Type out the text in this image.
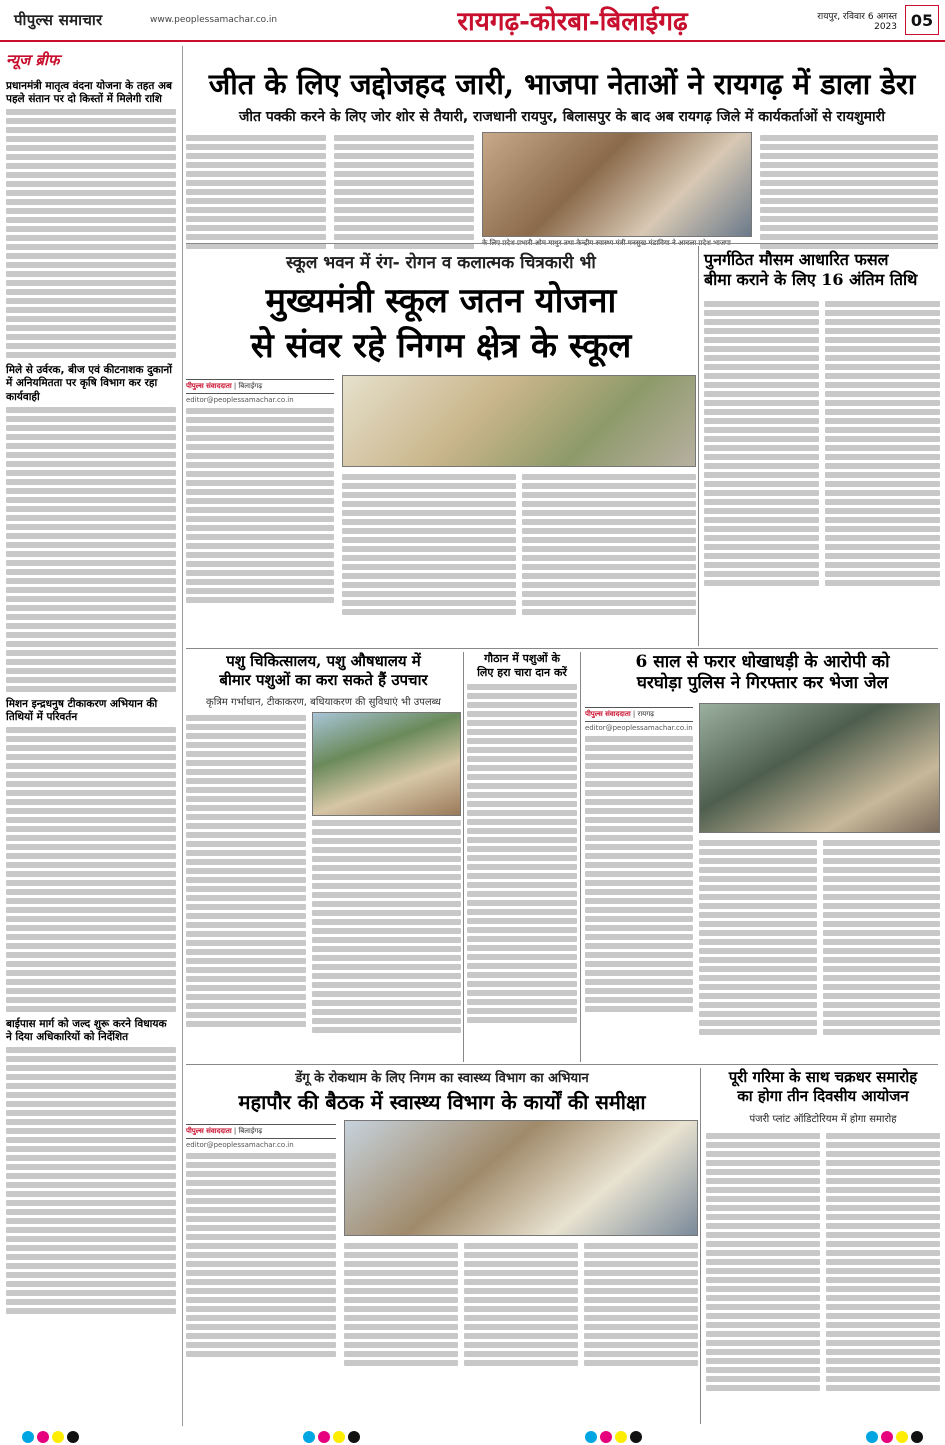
पीपुल्स समाचार	www.peoplessamachar.co.in	रायगढ़-कोरबा-बिलाईगढ़	रायपुर, रविवार 6 अगस्त 2023 05
न्यूज ब्रीफ
प्रधानमंत्री मातृत्व वंदना योजना के तहत अब पहले संतान पर दो किस्तों में मिलेगी राशि
मिले से उर्वरक, बीज एवं कीटनाशक दुकानों में अनियमितता पर कृषि विभाग कर रहा कार्यवाही
मिशन इन्द्रधनुष टीकाकरण अभियान की तिथियों में परिवर्तन
बाईपास मार्ग को जल्द शुरू करने विधायक ने दिया अधिकारियों को निर्देशित
जीत के लिए जद्दोजहद जारी, भाजपा नेताओं ने रायगढ़ में डाला डेरा
जीत पक्की करने के लिए जोर शोर से तैयारी, राजधानी रायपुर, बिलासपुर के बाद अब रायगढ़ जिले में कार्यकर्ताओं से रायशुमारी
स्कूल भवन में रंग- रोगन व कलात्मक चित्रकारी भी
मुख्यमंत्री स्कूल जतन योजना
से संवर रहे निगम क्षेत्र के स्कूल
पीपुल्स संवाददाता | बिलाईगढ़
editor@peoplessamachar.co.in
पुनर्गठित मौसम आधारित फसल
बीमा कराने के लिए 16 अंतिम तिथि
पशु चिकित्सालय, पशु औषधालय में
बीमार पशुओं का करा सकते हैं उपचार
कृत्रिम गर्भाधान, टीकाकरण, बधियाकरण की सुविधाएं भी उपलब्ध
गौठान में पशुओं के
लिए हरा चारा दान करें
6 साल से फरार धोखाधड़ी के आरोपी को
घरघोड़ा पुलिस ने गिरफ्तार कर भेजा जेल
पीपुल्स संवाददाता | रायगढ़
editor@peoplessamachar.co.in
डेंगू के रोकथाम के लिए निगम का स्वास्थ्य विभाग का अभियान
महापौर की बैठक में स्वास्थ्य विभाग के कार्यों की समीक्षा
पीपुल्स संवाददाता | बिलाईगढ़
editor@peoplessamachar.co.in
पूरी गरिमा के साथ चक्रधर समारोह
का होगा तीन दिवसीय आयोजन
पंजरी प्लांट ऑडिटोरियम में होगा समारोह
